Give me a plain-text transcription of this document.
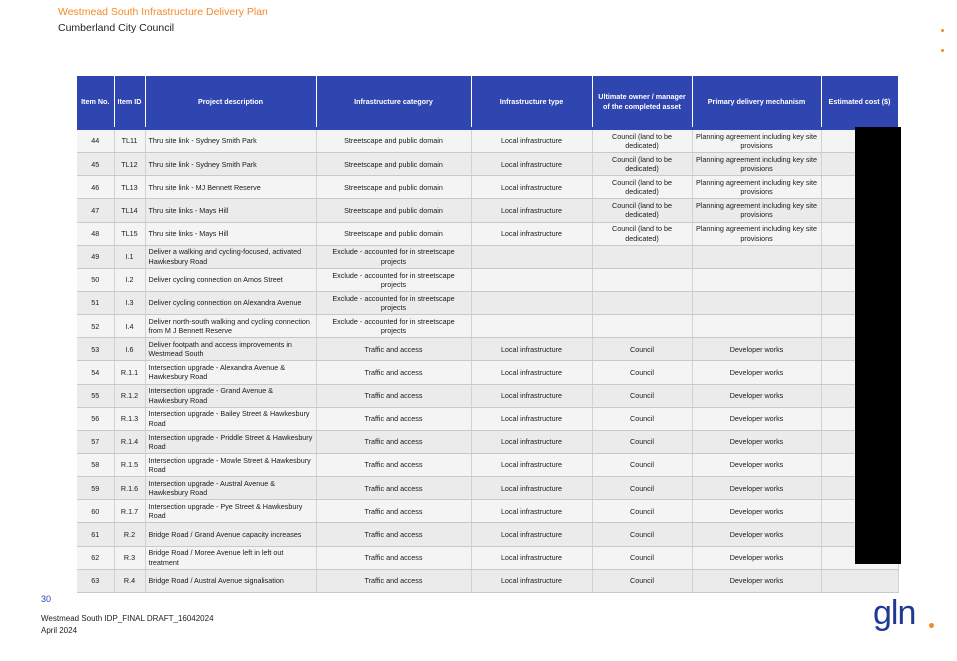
Westmead South Infrastructure Delivery Plan
Cumberland City Council
Item No.	Item ID	Project description	Infrastructure category	Infrastructure type	Ultimate owner / manager of the completed asset	Primary delivery mechanism	Estimated cost ($)
44	TL11	Thru site link - Sydney Smith Park	Streetscape and public domain	Local infrastructure	Council (land to be dedicated)	Planning agreement including key site provisions	
45	TL12	Thru site link - Sydney Smith Park	Streetscape and public domain	Local infrastructure	Council (land to be dedicated)	Planning agreement including key site provisions	
46	TL13	Thru site link - MJ Bennett Reserve	Streetscape and public domain	Local infrastructure	Council (land to be dedicated)	Planning agreement including key site provisions	
47	TL14	Thru site links - Mays Hill	Streetscape and public domain	Local infrastructure	Council (land to be dedicated)	Planning agreement including key site provisions	
48	TL15	Thru site links - Mays Hill	Streetscape and public domain	Local infrastructure	Council (land to be dedicated)	Planning agreement including key site provisions	
49	I.1	Deliver a walking and cycling-focused, activated Hawkesbury Road	Exclude - accounted for in streetscape projects				
50	I.2	Deliver cycling connection on Amos Street	Exclude - accounted for in streetscape projects				
51	I.3	Deliver cycling connection on Alexandra Avenue	Exclude - accounted for in streetscape projects				
52	I.4	Deliver north-south walking and cycling connection from M J Bennett Reserve	Exclude - accounted for in streetscape projects				
53	I.6	Deliver footpath and access improvements in Westmead South	Traffic and access	Local infrastructure	Council	Developer works	
54	R.1.1	Intersection upgrade - Alexandra Avenue & Hawkesbury Road	Traffic and access	Local infrastructure	Council	Developer works	
55	R.1.2	Intersection upgrade - Grand Avenue & Hawkesbury Road	Traffic and access	Local infrastructure	Council	Developer works	
56	R.1.3	Intersection upgrade - Bailey Street & Hawkesbury Road	Traffic and access	Local infrastructure	Council	Developer works	
57	R.1.4	Intersection upgrade - Priddle Street & Hawkesbury Road	Traffic and access	Local infrastructure	Council	Developer works	
58	R.1.5	Intersection upgrade - Mowle Street & Hawkesbury Road	Traffic and access	Local infrastructure	Council	Developer works	
59	R.1.6	Intersection upgrade - Austral Avenue & Hawkesbury Road	Traffic and access	Local infrastructure	Council	Developer works	
60	R.1.7	Intersection upgrade - Pye Street & Hawkesbury Road	Traffic and access	Local infrastructure	Council	Developer works	
61	R.2	Bridge Road / Grand Avenue capacity increases	Traffic and access	Local infrastructure	Council	Developer works	
62	R.3	Bridge Road / Moree Avenue left in left out treatment	Traffic and access	Local infrastructure	Council	Developer works	
63	R.4	Bridge Road / Austral Avenue signalisation	Traffic and access	Local infrastructure	Council	Developer works	
30
Westmead South IDP_FINAL DRAFT_16042024
April 2024	gln
